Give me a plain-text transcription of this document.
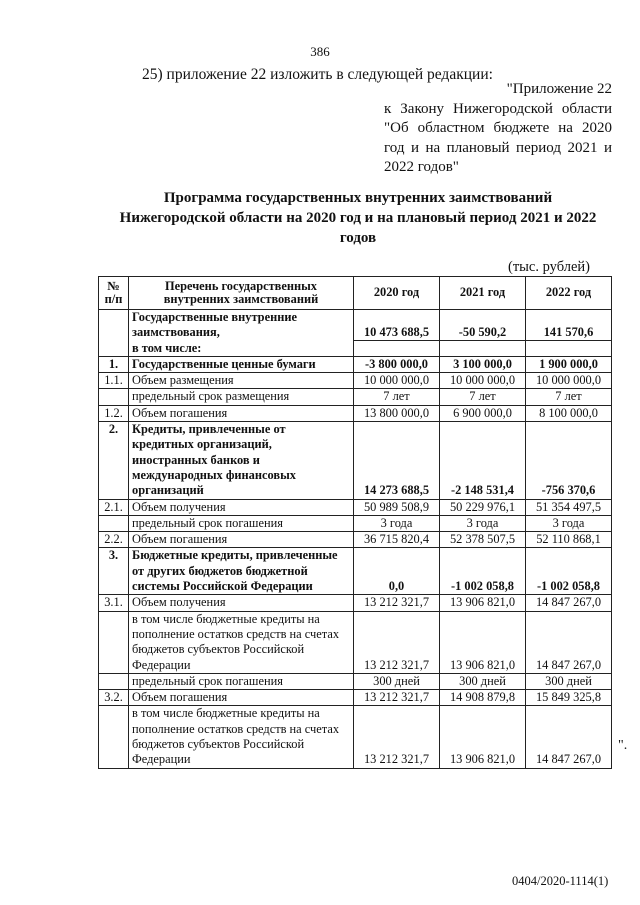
386
25) приложение 22 изложить в следующей редакции:
"Приложение 22
к Закону Нижегородской области
"Об областном бюджете на 2020
год и на плановый период 2021 и
2022 годов"
Программа государственных внутренних заимствований
Нижегородской области на 2020 год и на плановый период 2021 и 2022
годов
(тыс. рублей)
№ п/п	Перечень государственных внутренних заимствований	2020 год	2021 год	2022 год
	Государственные внутренние заимствования,	10 473 688,5	-50 590,2	141 570,6
	в том числе:			
1.	Государственные ценные бумаги	-3 800 000,0	3 100 000,0	1 900 000,0
1.1.	Объем размещения	10 000 000,0	10 000 000,0	10 000 000,0
	предельный срок размещения	7 лет	7 лет	7 лет
1.2.	Объем погашения	13 800 000,0	6 900 000,0	8 100 000,0
2.	Кредиты, привлеченные от кредитных организаций, иностранных банков и международных финансовых организаций	14 273 688,5	-2 148 531,4	-756 370,6
2.1.	Объем получения	50 989 508,9	50 229 976,1	51 354 497,5
	предельный срок погашения	3 года	3 года	3 года
2.2.	Объем погашения	36 715 820,4	52 378 507,5	52 110 868,1
3.	Бюджетные кредиты, привлеченные от других бюджетов бюджетной системы Российской Федерации	0,0	-1 002 058,8	-1 002 058,8
3.1.	Объем получения	13 212 321,7	13 906 821,0	14 847 267,0
	в том числе бюджетные кредиты на пополнение остатков средств на счетах бюджетов субъектов Российской Федерации	13 212 321,7	13 906 821,0	14 847 267,0
	предельный срок погашения	300 дней	300 дней	300 дней
3.2.	Объем погашения	13 212 321,7	14 908 879,8	15 849 325,8
	в том числе бюджетные кредиты на пополнение остатков средств на счетах бюджетов субъектов Российской Федерации	13 212 321,7	13 906 821,0	14 847 267,0
".
0404/2020-1114(1)
